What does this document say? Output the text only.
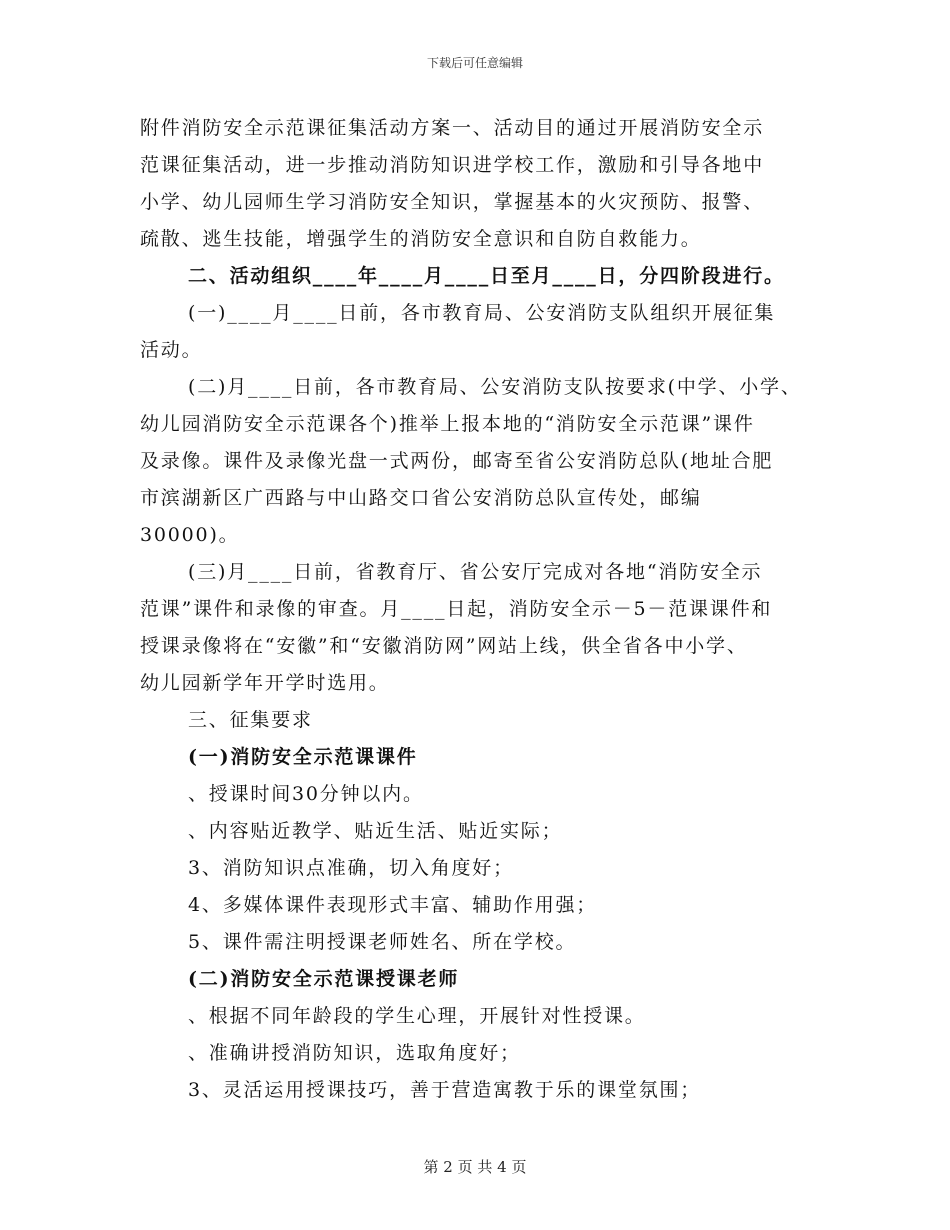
下载后可任意编辑
附件消防安全示范课征集活动方案一、活动目的通过开展消防安全示
范课征集活动，进一步推动消防知识进学校工作，激励和引导各地中
小学、幼儿园师生学习消防安全知识，掌握基本的火灾预防、报警、
疏散、逃生技能，增强学生的消防安全意识和自防自救能力。
二、活动组织____年____月____日至月____日，分四阶段进行。
(一)____月____日前，各市教育局、公安消防支队组织开展征集
活动。
(二)月____日前，各市教育局、公安消防支队按要求(中学、小学、
幼儿园消防安全示范课各个)推举上报本地的“消防安全示范课”课件
及录像。课件及录像光盘一式两份，邮寄至省公安消防总队(地址合肥
市滨湖新区广西路与中山路交口省公安消防总队宣传处，邮编
30000)。
(三)月____日前，省教育厅、省公安厅完成对各地“消防安全示
范课”课件和录像的审查。月____日起，消防安全示－5－范课课件和
授课录像将在“安徽”和“安徽消防网”网站上线，供全省各中小学、
幼儿园新学年开学时选用。
三、征集要求
(一)消防安全示范课课件
、授课时间30分钟以内。
、内容贴近教学、贴近生活、贴近实际；
3、消防知识点准确，切入角度好；
4、多媒体课件表现形式丰富、辅助作用强；
5、课件需注明授课老师姓名、所在学校。
(二)消防安全示范课授课老师
、根据不同年龄段的学生心理，开展针对性授课。
、准确讲授消防知识，选取角度好；
3、灵活运用授课技巧，善于营造寓教于乐的课堂氛围；
第 2 页 共 4 页
